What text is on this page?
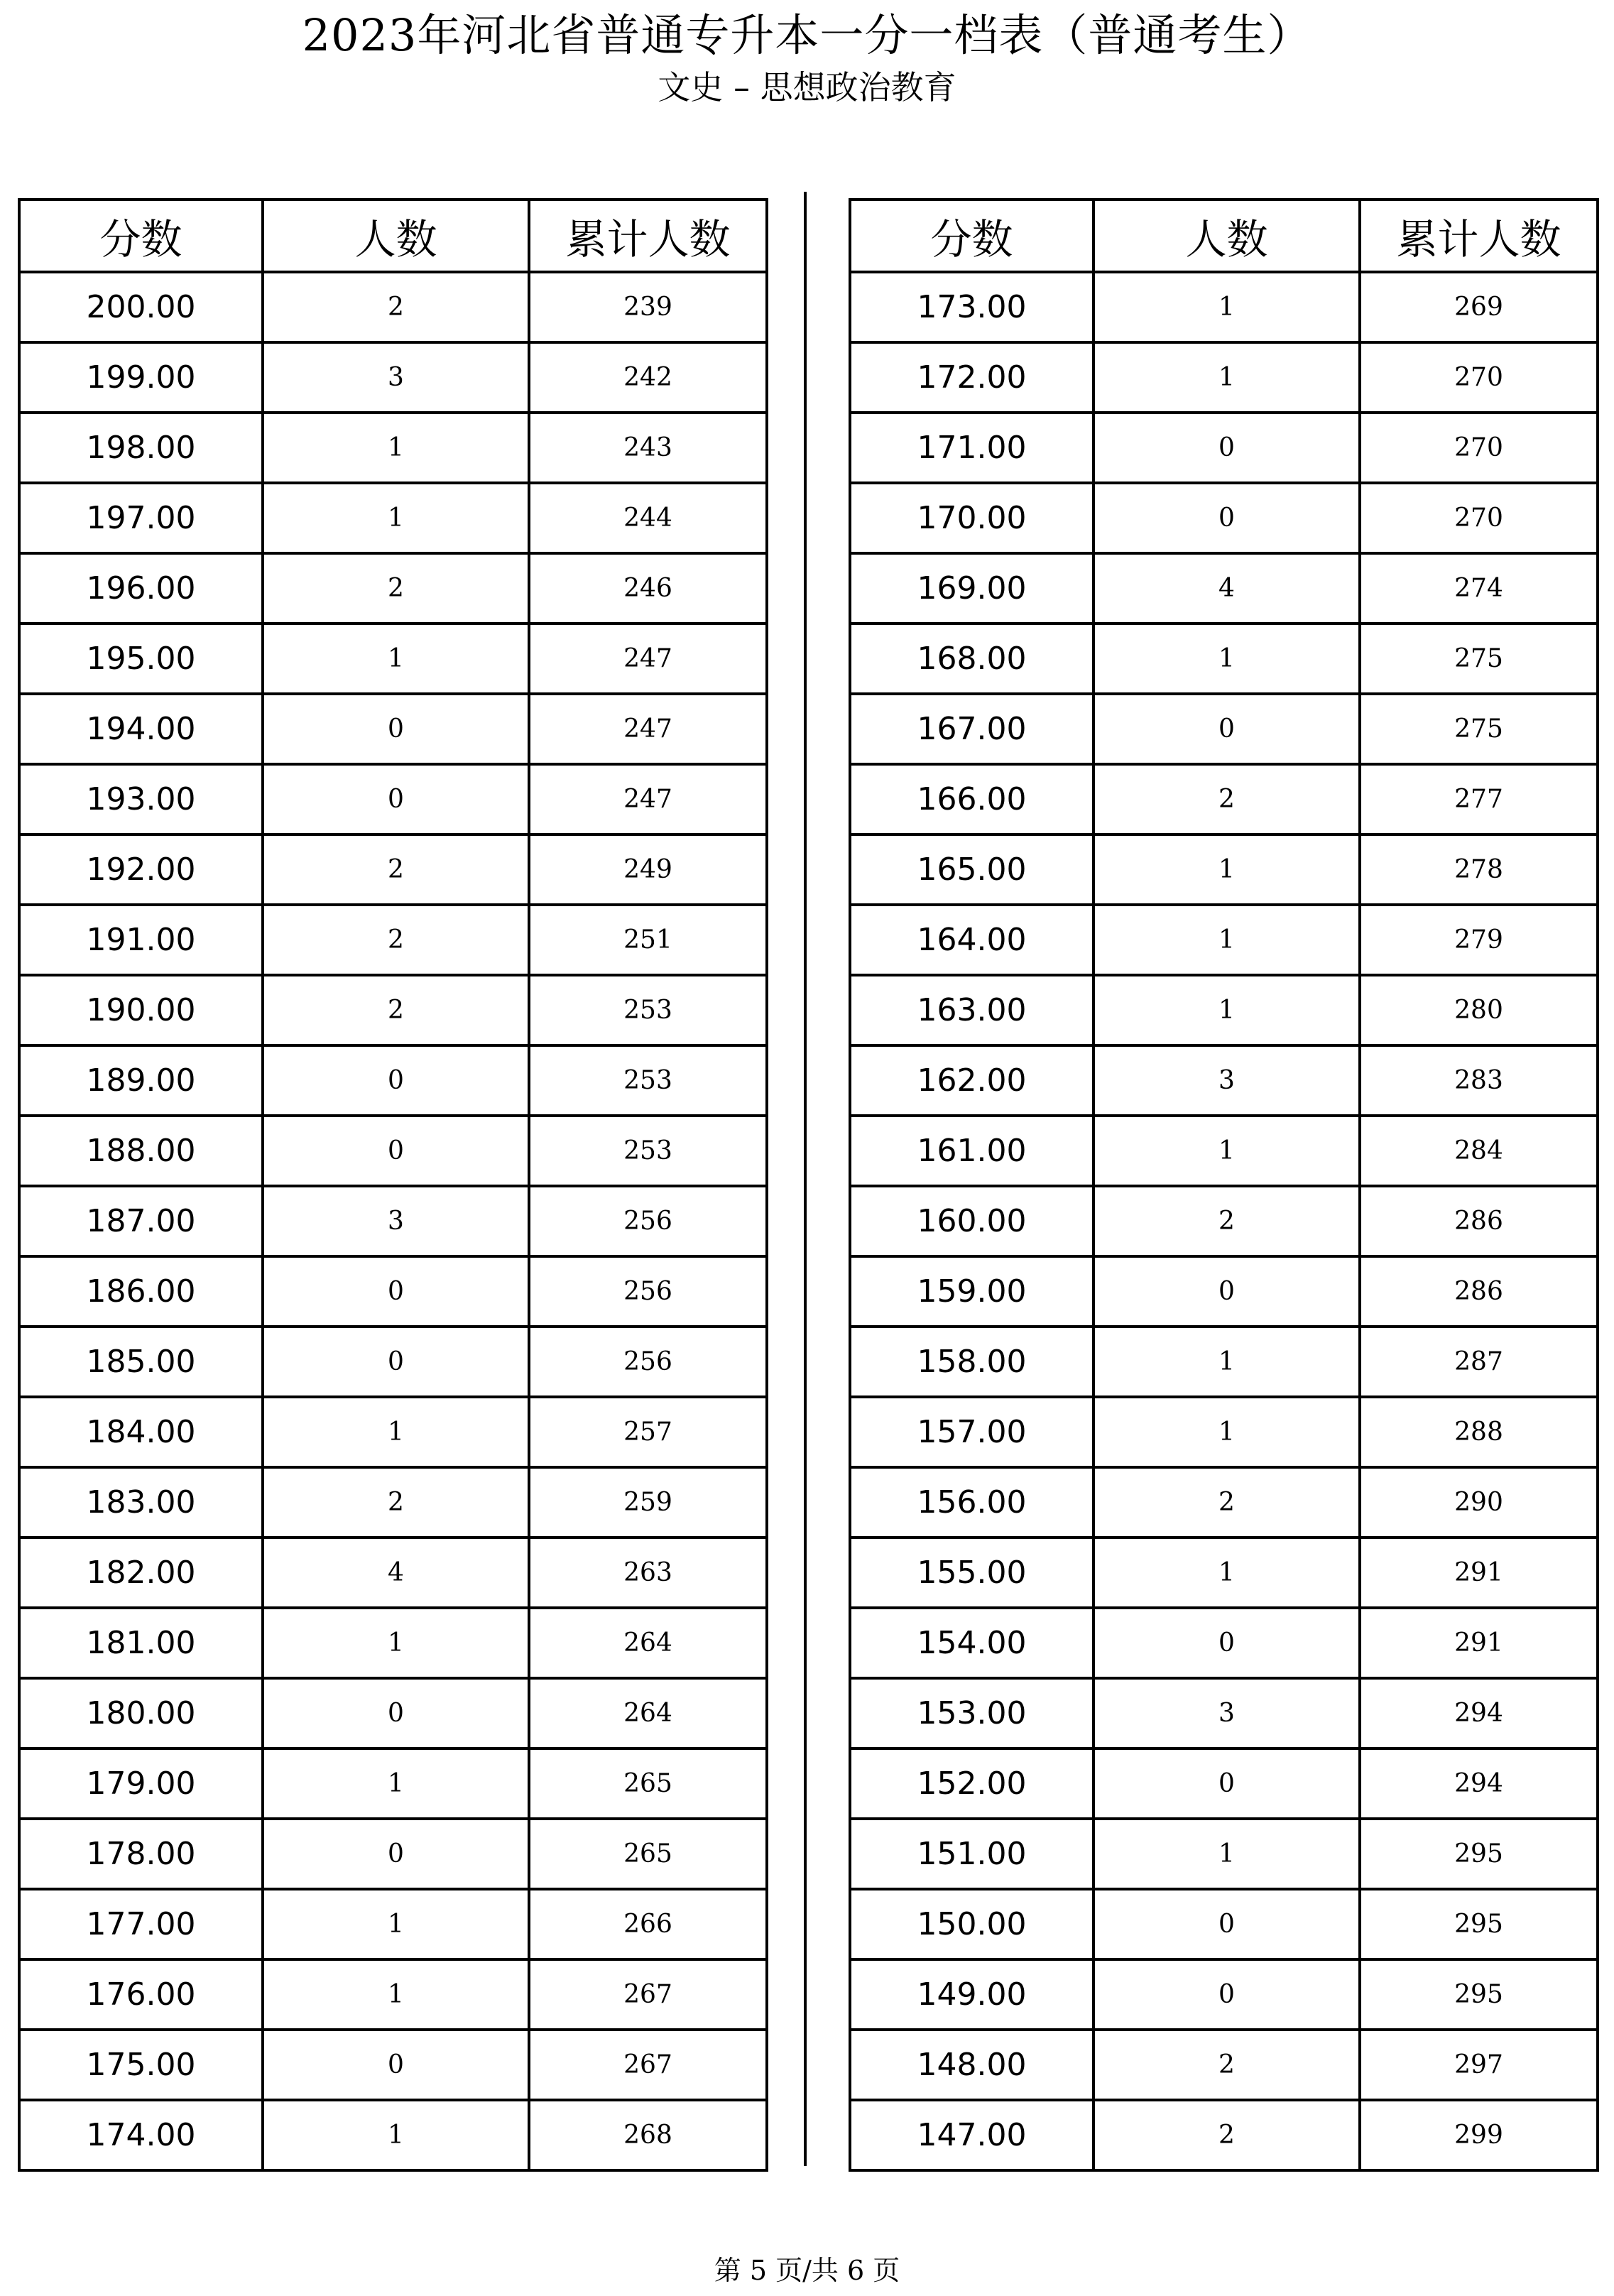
2023年河北省普通专升本一分一档表（普通考生）
文史 – 思想政治教育
分数	人数	累计人数
200.00	2	239
199.00	3	242
198.00	1	243
197.00	1	244
196.00	2	246
195.00	1	247
194.00	0	247
193.00	0	247
192.00	2	249
191.00	2	251
190.00	2	253
189.00	0	253
188.00	0	253
187.00	3	256
186.00	0	256
185.00	0	256
184.00	1	257
183.00	2	259
182.00	4	263
181.00	1	264
180.00	0	264
179.00	1	265
178.00	0	265
177.00	1	266
176.00	1	267
175.00	0	267
174.00	1	268
分数	人数	累计人数
173.00	1	269
172.00	1	270
171.00	0	270
170.00	0	270
169.00	4	274
168.00	1	275
167.00	0	275
166.00	2	277
165.00	1	278
164.00	1	279
163.00	1	280
162.00	3	283
161.00	1	284
160.00	2	286
159.00	0	286
158.00	1	287
157.00	1	288
156.00	2	290
155.00	1	291
154.00	0	291
153.00	3	294
152.00	0	294
151.00	1	295
150.00	0	295
149.00	0	295
148.00	2	297
147.00	2	299
第 5 页/共 6 页
